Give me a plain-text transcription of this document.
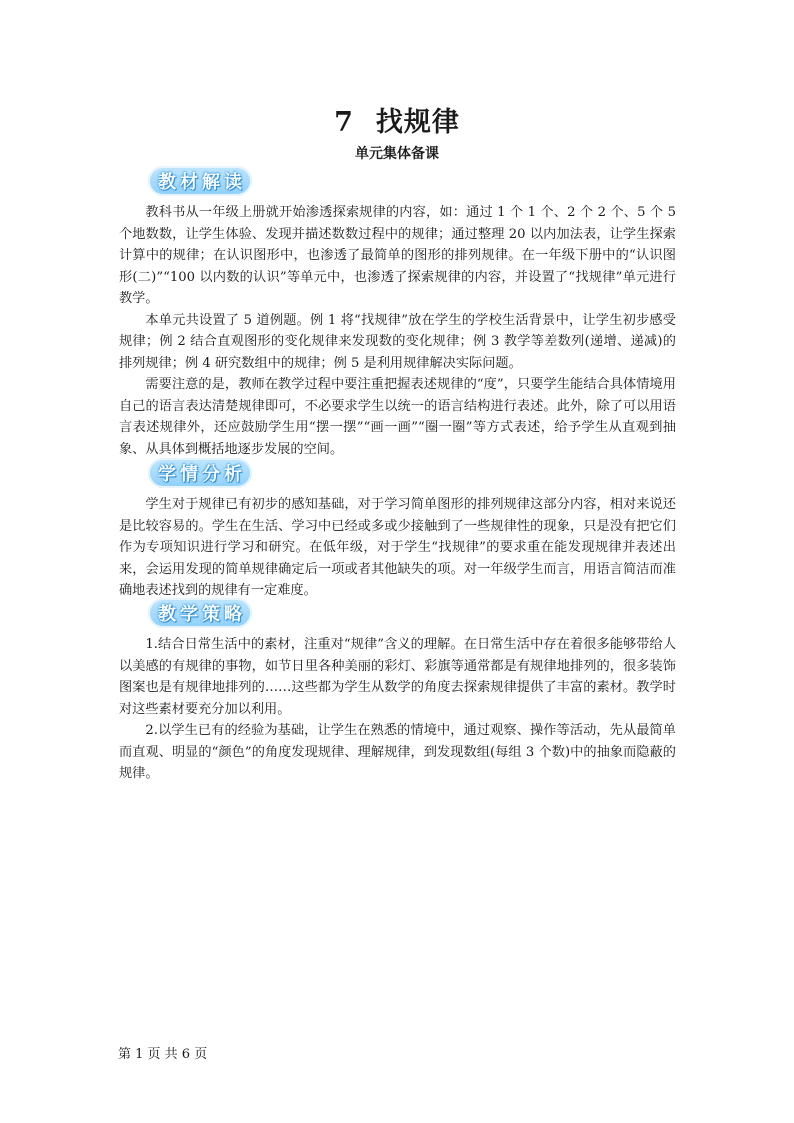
7 找规律
单元集体备课
教 材 解 读

教科书从一年级上册就开始渗透探索规律的内容，如：通过 1 个 1 个、2 个 2 个、5 个 5 个地数数，让学生体验、发现并描述数数过程中的规律；通过整理 20 以内加法表，让学生探索计算中的规律；在认识图形中，也渗透了最简单的图形的排列规律。在一年级下册中的“认识图形(二)”“100 以内数的认识”等单元中，也渗透了探索规律的内容，并设置了“找规律”单元进行教学。

本单元共设置了 5 道例题。例 1 将“找规律”放在学生的学校生活背景中，让学生初步感受规律；例 2 结合直观图形的变化规律来发现数的变化规律；例 3 教学等差数列(递增、递减)的排列规律；例 4 研究数组中的规律；例 5 是利用规律解决实际问题。

需要注意的是，教师在教学过程中要注重把握表述规律的“度”，只要学生能结合具体情境用自己的语言表达清楚规律即可，不必要求学生以统一的语言结构进行表述。此外，除了可以用语言表述规律外，还应鼓励学生用“摆一摆”“画一画”“圈一圈”等方式表述，给予学生从直观到抽象、从具体到概括地逐步发展的空间。

学 情 分 析

学生对于规律已有初步的感知基础，对于学习简单图形的排列规律这部分内容，相对来说还是比较容易的。学生在生活、学习中已经或多或少接触到了一些规律性的现象，只是没有把它们作为专项知识进行学习和研究。在低年级，对于学生“找规律”的要求重在能发现规律并表述出来，会运用发现的简单规律确定后一项或者其他缺失的项。对一年级学生而言，用语言简洁而准确地表述找到的规律有一定难度。

教 学 策 略

1.结合日常生活中的素材，注重对“规律”含义的理解。在日常生活中存在着很多能够带给人以美感的有规律的事物，如节日里各种美丽的彩灯、彩旗等通常都是有规律地排列的，很多装饰图案也是有规律地排列的……这些都为学生从数学的角度去探索规律提供了丰富的素材。教学时对这些素材要充分加以利用。

2.以学生已有的经验为基础，让学生在熟悉的情境中，通过观察、操作等活动，先从最简单而直观、明显的“颜色”的角度发现规律、理解规律，到发现数组(每组 3 个数)中的抽象而隐蔽的规律。

第 1 页 共 6 页
